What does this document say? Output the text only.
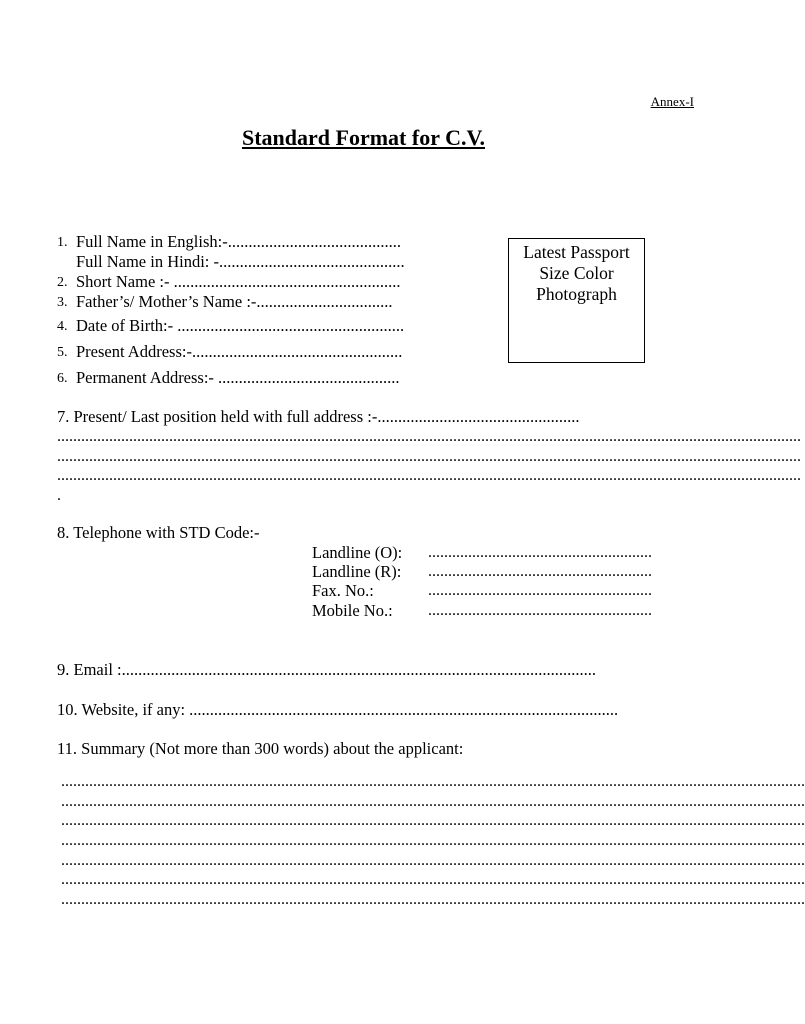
Annex-I
Standard Format for C.V.
1. Full Name in English:-..........................................
Full Name in Hindi: -.............................................
2. Short Name :- .......................................................
3. Father’s/ Mother’s Name :-.................................
4. Date of Birth:- .......................................................
5. Present Address:-...................................................
6. Permanent Address:- ............................................
Latest Passport
Size Color
Photograph
7. Present/ Last position held with full address :-.................................................
..........................................................................................................................................................................................
..........................................................................................................................................................................................
..........................................................................................................................................................................................
.
8. Telephone with STD Code:-
Landline (O): ........................................................
Landline (R): ........................................................
Fax. No.:	........................................................
Mobile No.: ........................................................
9. Email :...................................................................................................................
10. Website, if any: ........................................................................................................
11. Summary (Not more than 300 words) about the applicant:
..........................................................................................................................................................................................
..........................................................................................................................................................................................
..........................................................................................................................................................................................
..........................................................................................................................................................................................
..........................................................................................................................................................................................
..........................................................................................................................................................................................
..........................................................................................................................................................................................
